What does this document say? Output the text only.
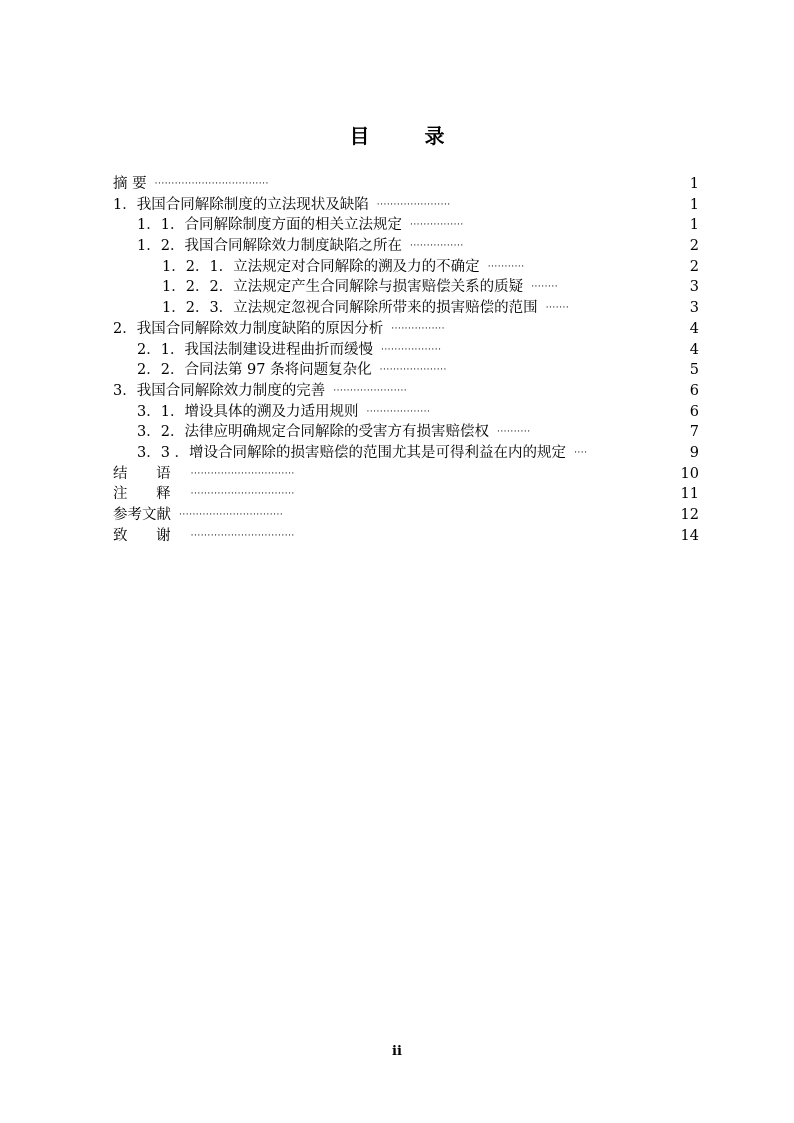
目 录
摘 要 ··································	1
1．我国合同解除制度的立法现状及缺陷 ······················	1
1．1．合同解除制度方面的相关立法规定 ················	1
1．2．我国合同解除效力制度缺陷之所在 ················	2
1．2．1．立法规定对合同解除的溯及力的不确定 ···········	2
1．2．2．立法规定产生合同解除与损害赔偿关系的质疑 ········	3
1．2．3．立法规定忽视合同解除所带来的损害赔偿的范围 ·······	3
2．我国合同解除效力制度缺陷的原因分析 ················	4
2．1．我国法制建设进程曲折而缓慢 ··················	4
2．2．合同法第 97 条将问题复杂化 ····················	5
3．我国合同解除效力制度的完善 ······················	6
3．1．增设具体的溯及力适用规则 ···················	6
3．2．法律应明确规定合同解除的受害方有损害赔偿权 ··········	7
3．3 ．增设合同解除的损害赔偿的范围尤其是可得利益在内的规定 ····	9
结 语 ·······························	10
注 释 ·······························	11
参考文献 ·······························	12
致 谢 ·······························	14
ii
